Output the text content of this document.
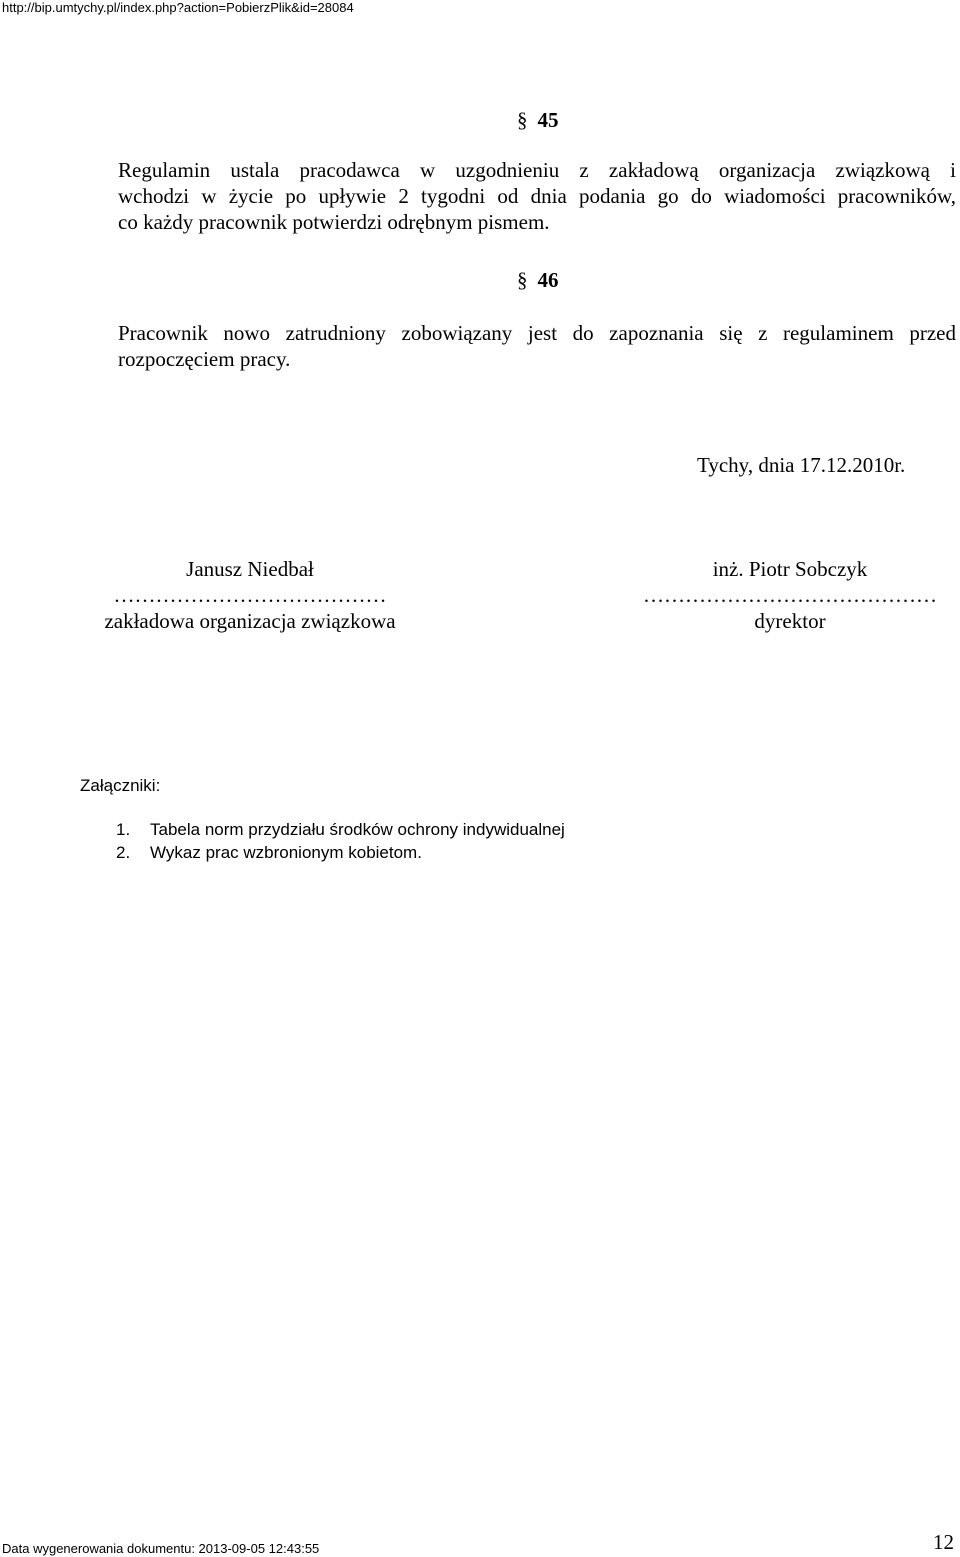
http://bip.umtychy.pl/index.php?action=PobierzPlik&id=28084
§ 45
Regulamin ustala pracodawca w uzgodnieniu z zakładową organizacja związkową i
wchodzi w życie po upływie 2 tygodni od dnia podania go do wiadomości pracowników,
co każdy pracownik potwierdzi odrębnym pismem.
§ 46
Pracownik nowo zatrudniony zobowiązany jest do zapoznania się z regulaminem przed
rozpoczęciem pracy.
Tychy, dnia 17.12.2010r.
Janusz Niedbał
…………………………………
zakładowa organizacja związkowa
inż. Piotr Sobczyk
……………………………………
dyrektor
Załączniki:
1. Tabela norm przydziału środków ochrony indywidualnej
2. Wykaz prac wzbronionym kobietom.
12
Data wygenerowania dokumentu: 2013-09-05 12:43:55
